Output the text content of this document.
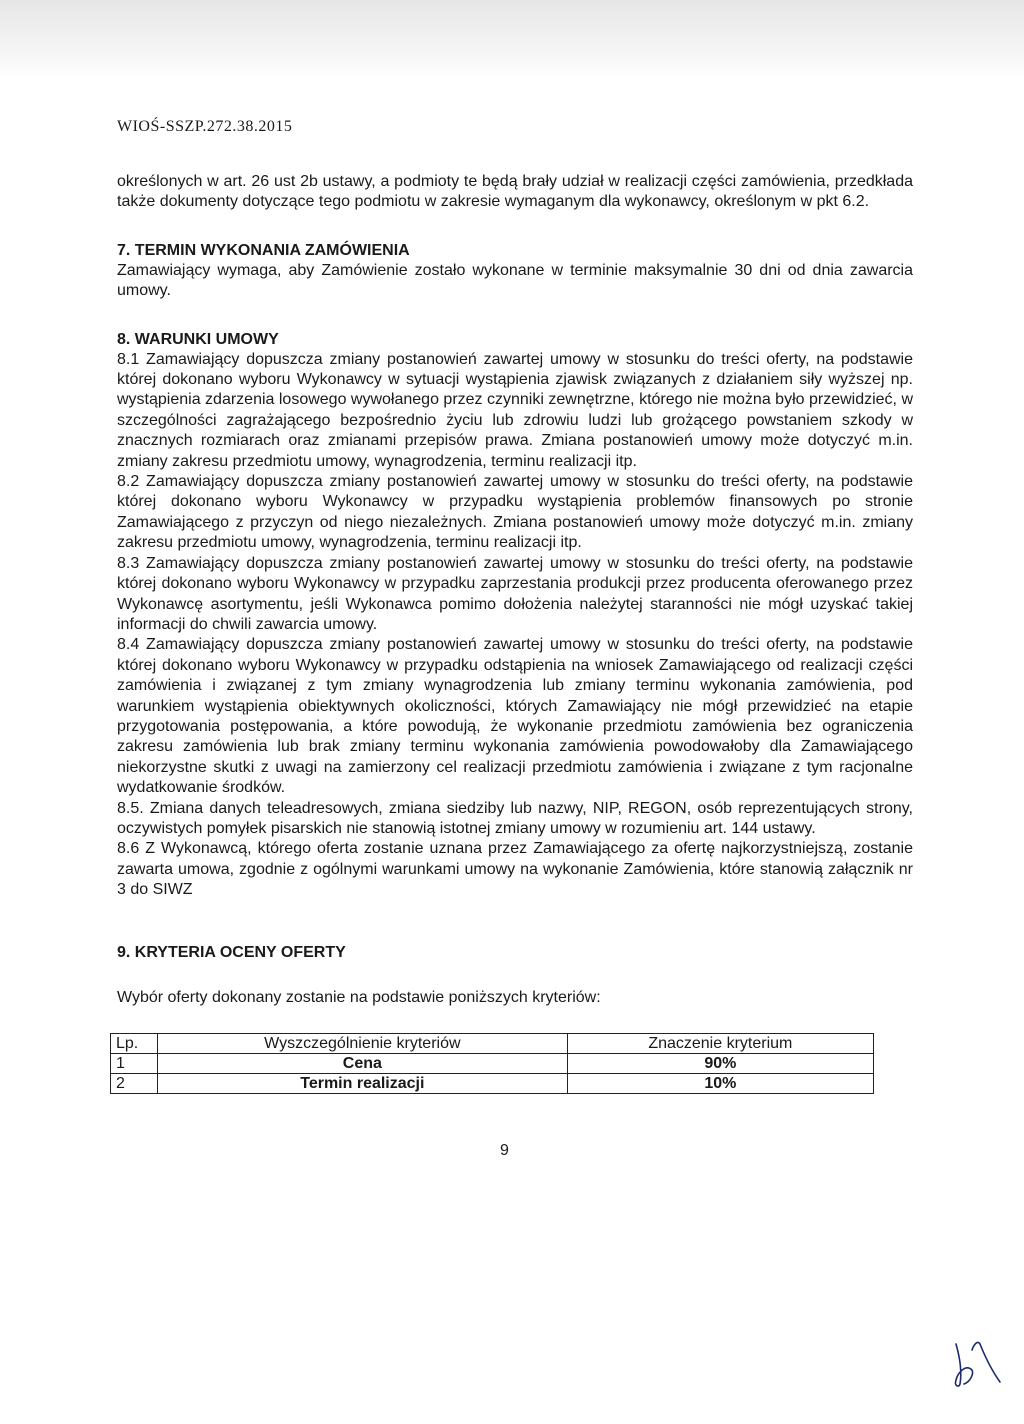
WIOŚ-SSZP.272.38.2015

określonych w art. 26 ust 2b ustawy, a podmioty te będą brały udział w realizacji części zamówienia, przedkłada także dokumenty dotyczące tego podmiotu w zakresie wymaganym dla wykonawcy, określonym w pkt 6.2.

7. TERMIN WYKONANIA ZAMÓWIENIA

Zamawiający wymaga, aby Zamówienie zostało wykonane w terminie maksymalnie 30 dni od dnia zawarcia umowy.

8. WARUNKI UMOWY

8.1 Zamawiający dopuszcza zmiany postanowień zawartej umowy w stosunku do treści oferty, na podstawie której dokonano wyboru Wykonawcy w sytuacji wystąpienia zjawisk związanych z działaniem siły wyższej np. wystąpienia zdarzenia losowego wywołanego przez czynniki zewnętrzne, którego nie można było przewidzieć, w szczególności zagrażającego bezpośrednio życiu lub zdrowiu ludzi lub grożącego powstaniem szkody w znacznych rozmiarach oraz zmianami przepisów prawa. Zmiana postanowień umowy może dotyczyć m.in. zmiany zakresu przedmiotu umowy, wynagrodzenia, terminu realizacji itp.

8.2 Zamawiający dopuszcza zmiany postanowień zawartej umowy w stosunku do treści oferty, na podstawie której dokonano wyboru Wykonawcy w przypadku wystąpienia problemów finansowych po stronie Zamawiającego z przyczyn od niego niezależnych. Zmiana postanowień umowy może dotyczyć m.in. zmiany zakresu przedmiotu umowy, wynagrodzenia, terminu realizacji itp.

8.3 Zamawiający dopuszcza zmiany postanowień zawartej umowy w stosunku do treści oferty, na podstawie której dokonano wyboru Wykonawcy w przypadku zaprzestania produkcji przez producenta oferowanego przez Wykonawcę asortymentu, jeśli Wykonawca pomimo dołożenia należytej staranności nie mógł uzyskać takiej informacji do chwili zawarcia umowy.

8.4 Zamawiający dopuszcza zmiany postanowień zawartej umowy w stosunku do treści oferty, na podstawie której dokonano wyboru Wykonawcy w przypadku odstąpienia na wniosek Zamawiającego od realizacji części zamówienia i związanej z tym zmiany wynagrodzenia lub zmiany terminu wykonania zamówienia, pod warunkiem wystąpienia obiektywnych okoliczności, których Zamawiający nie mógł przewidzieć na etapie przygotowania postępowania, a które powodują, że wykonanie przedmiotu zamówienia bez ograniczenia zakresu zamówienia lub brak zmiany terminu wykonania zamówienia powodowałoby dla Zamawiającego niekorzystne skutki z uwagi na zamierzony cel realizacji przedmiotu zamówienia i związane z tym racjonalne wydatkowanie środków.

8.5. Zmiana danych teleadresowych, zmiana siedziby lub nazwy, NIP, REGON, osób reprezentujących strony, oczywistych pomyłek pisarskich nie stanowią istotnej zmiany umowy w rozumieniu art. 144 ustawy.

8.6 Z Wykonawcą, którego oferta zostanie uznana przez Zamawiającego za ofertę najkorzystniejszą, zostanie zawarta umowa, zgodnie z ogólnymi warunkami umowy na wykonanie Zamówienia, które stanowią załącznik nr 3 do SIWZ

9. KRYTERIA OCENY OFERTY

Wybór oferty dokonany zostanie na podstawie poniższych kryteriów:

Lp.	Wyszczególnienie kryteriów	Znaczenie kryterium
1	Cena	90%
2	Termin realizacji	10%
9
